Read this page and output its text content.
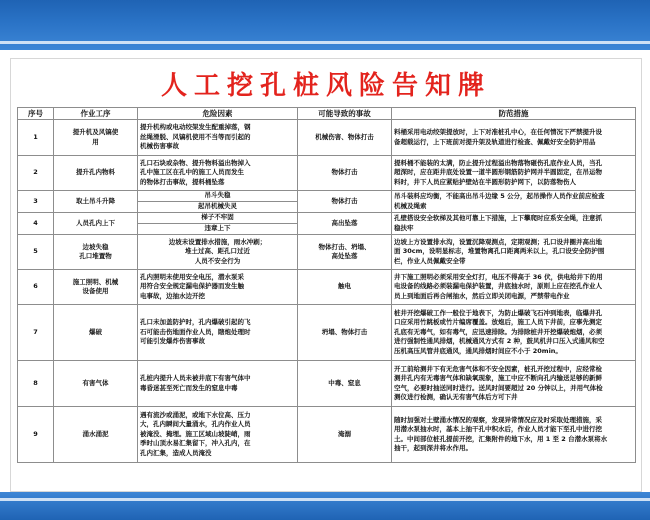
人工挖孔桩风险告知牌
序号	作业工序	危险因素	可能导致的事故	防范措施
1	提升机及风镐使
用	提升机构或电动绞架发生配重掉落，钢
丝绳滑脱、风镐机使用不当等而引起的
机械伤害事故	机械伤害、物体打击	料桶采用电动绞架提放时，上下对准桩孔中心，在任何情况下严禁提升设
备超载运行，上下班前对提升架及轨道进行检查、佩戴好安全防护用品

2	提升孔内物料	孔口石块或杂物、提升物料溢出物掉入
孔中施工区在孔中的施工人员而发生
的物体打击事故，提料桶坠落	物体打击	提料桶不能装的太满，防止提升过程溢出物落物砸伤孔底作业人员，当孔
超深时，应在距井底处设置一道半圆形钢筋防护网并半圆固定，在吊运物
料时，井下人员应紧贴护壁站在半圆形防护网下，以防落物伤人

3	取土吊斗升降	吊斗失稳	物体打击	吊斗装料应均衡，不能高出吊斗边缘 5 公分，起吊操作人员作业前应检查
机械及绳索

		起吊机械失灵		

4	人员孔内上下	梯子不牢固	高出坠落	孔壁搭设安全软梯及其他可靠上下措施，上下攀爬时应系安全绳，注意抓
稳扶牢

		违章上下		

5	边坡失稳
孔口堆置物	边坡未设置排水措施，雨水冲刷；
堆土过高、距孔口过近
人员不安全行为	物体打击、坍塌、
高处坠落	边坡上方设置排水沟，设置沉降观测点，定期观测；孔口设井圈并高出地
面 30cm，设明显标志，堆置物离孔口距离两米以上，孔口设安全防护围
栏，作业人员佩戴安全带

6	施工照明、机械
设备使用	孔内照明未使用安全电压，潜水泵采
用符合安全规定漏电保护器而发生触
电事故，边抽水边开挖	触电	井下施工照明必须采用安全灯打，电压不得高于 36 伏，供电给井下的用
电设备的线路必须装漏电保护装置，井底抽水时，原则上应在挖孔作业人
员上到地面后再合闸抽水，然后立即关闭电源，严禁带电作业

7	爆破	孔口未加盖防护时，孔内爆破引起的飞
石可能击伤地面作业人员，瞎炮处理时
可能引发爆炸伤害事故	坍塌、物体打击	桩井开挖爆破工作一般位于地表下，为防止爆破飞石冲到地表，临爆井孔
口应采用竹跳板或竹片编席覆盖。放炮后，施工人员下井前，应事先测定
孔底有无毒气，如有毒气，应迅速排除。为排除桩井开挖爆破炮烟，必须
进行强制性通风排烟，机械通风方式有 2 种，鼓风机井口压入式通风和空
压机高压风管井底通风，通风排烟时间应不小于 20min。

8	有害气体	孔桩内提升人员未被井底下有害气体中
毒昏迷甚至死亡而发生的窒息中毒	中毒、窒息	开工前给测井下有无危害气体和不安全因素，桩孔开挖过程中，应经常检
测井孔内有无毒害气体和缺氧现象，施工中应不断向孔内输送足够的新鲜
空气，必要时抽送同时进行。送风时间要超过 20 分钟以上，并用气体检
测仪进行检测，确认无有害气体后方可下井

9	涌水涌泥	遇有流沙或涌泥，或地下水位高、压力
大，孔内瞬间大量涌水，孔内作业人员
被淹没、掩埋。施工区域山坡陡峭，雨
季时山顶水易汇集留下，冲入孔内，在
孔内汇集，造成人员淹没	淹溺	随时加强对土壁涌水情况的观察，发现异常情况应及时采取处理措施，采
用潜水泵抽水时，基本上抽干孔中积水后，作业人员才能下至孔中进行挖
土。中间部位桩孔提前开挖，汇集附件的地下水，用 1 至 2 台潜水泵将水
抽干，起到深井将水作用。
